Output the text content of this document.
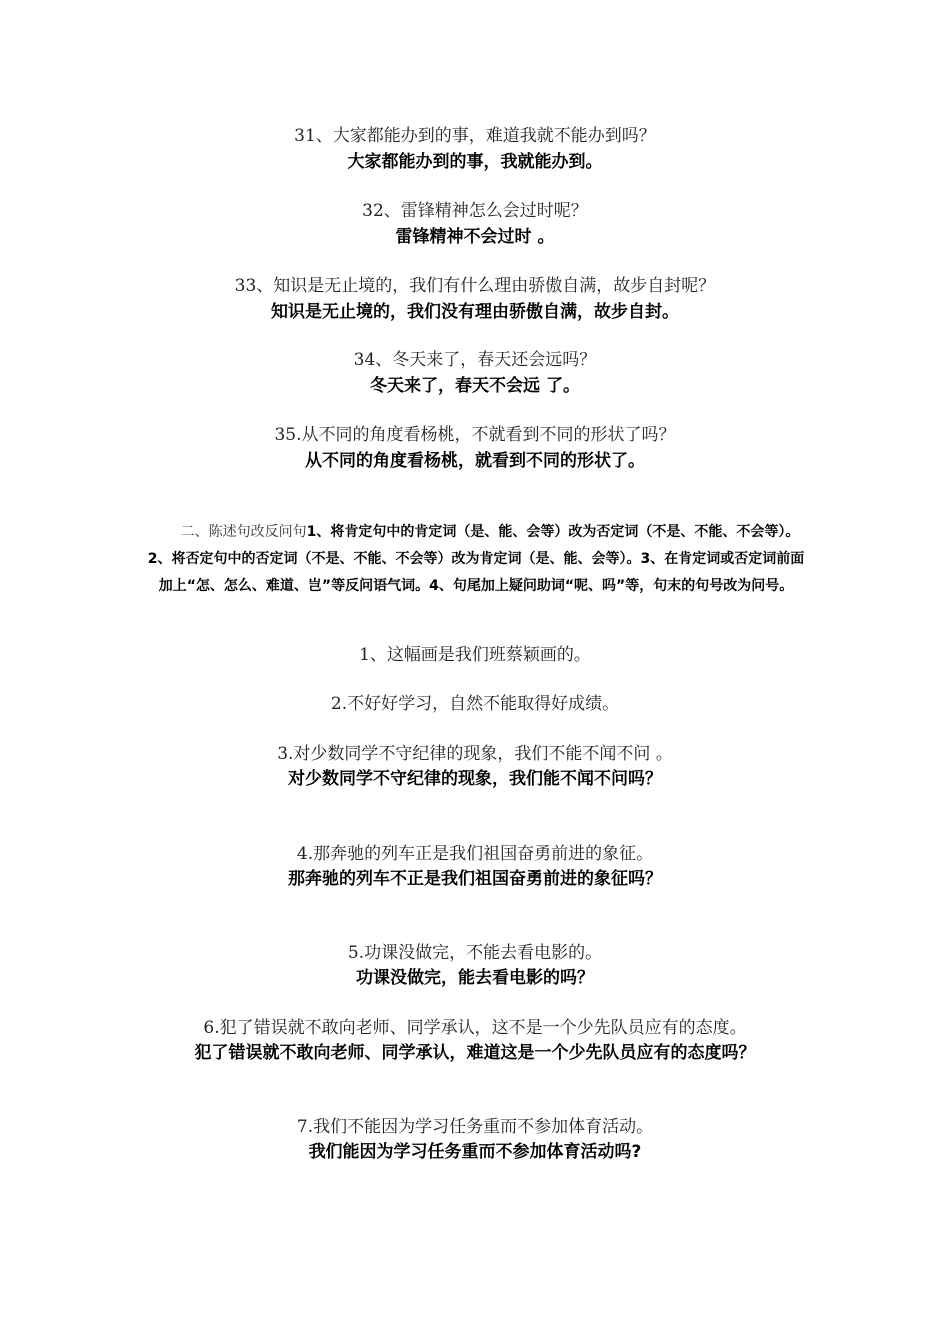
31、大家都能办到的事，难道我就不能办到吗？
大家都能办到的事，我就能办到。
32、雷锋精神怎么会过时呢？
雷锋精神不会过时 。
33、知识是无止境的，我们有什么理由骄傲自满，故步自封呢？
知识是无止境的，我们没有理由骄傲自满，故步自封。
34、冬天来了，春天还会远吗？
冬天来了，春天不会远 了。
35.从不同的角度看杨桃，不就看到不同的形状了吗？
从不同的角度看杨桃，就看到不同的形状了。
二、陈述句改反问句1、将肯定句中的肯定词（是、能、会等）改为否定词（不是、不能、不会等）。2、将否定句中的否定词（不是、不能、不会等）改为肯定词（是、能、会等）。3、在肯定词或否定词前面加上“怎、怎么、难道、岂”等反问语气词。4、句尾加上疑问助词“呢、吗”等，句末的句号改为问号。
1、这幅画是我们班蔡颖画的。
2.不好好学习，自然不能取得好成绩。
3.对少数同学不守纪律的现象，我们不能不闻不问 。
对少数同学不守纪律的现象，我们能不闻不问吗？
4.那奔驰的列车正是我们祖国奋勇前进的象征。
那奔驰的列车不正是我们祖国奋勇前进的象征吗？
5.功课没做完，不能去看电影的。
功课没做完，能去看电影的吗？
6.犯了错误就不敢向老师、同学承认，这不是一个少先队员应有的态度。
犯了错误就不敢向老师、同学承认，难道这是一个少先队员应有的态度吗？
7.我们不能因为学习任务重而不参加体育活动。
我们能因为学习任务重而不参加体育活动吗?
